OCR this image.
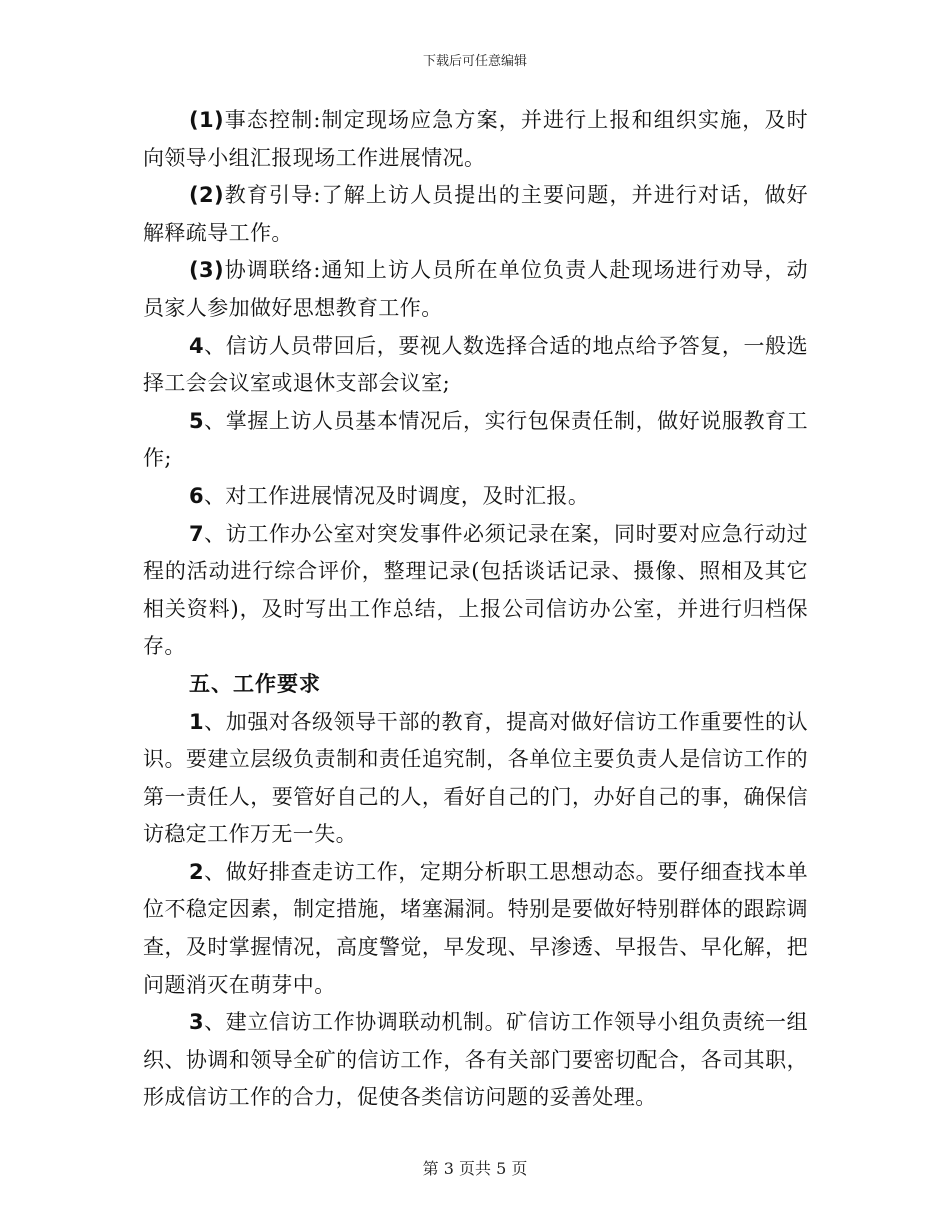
下载后可任意编辑

(1)事态控制:制定现场应急方案，并进行上报和组织实施，及时向领导小组汇报现场工作进展情况。

(2)教育引导:了解上访人员提出的主要问题，并进行对话，做好解释疏导工作。

(3)协调联络:通知上访人员所在单位负责人赴现场进行劝导，动员家人参加做好思想教育工作。

4、信访人员带回后，要视人数选择合适的地点给予答复，一般选择工会会议室或退休支部会议室;

5、掌握上访人员基本情况后，实行包保责任制，做好说服教育工作;

6、对工作进展情况及时调度，及时汇报。

7、访工作办公室对突发事件必须记录在案，同时要对应急行动过程的活动进行综合评价，整理记录(包括谈话记录、摄像、照相及其它相关资料)，及时写出工作总结，上报公司信访办公室，并进行归档保存。

五、工作要求

1、加强对各级领导干部的教育，提高对做好信访工作重要性的认识。要建立层级负责制和责任追究制，各单位主要负责人是信访工作的第一责任人，要管好自己的人，看好自己的门，办好自己的事，确保信访稳定工作万无一失。

2、做好排查走访工作，定期分析职工思想动态。要仔细查找本单位不稳定因素，制定措施，堵塞漏洞。特别是要做好特别群体的跟踪调查，及时掌握情况，高度警觉，早发现、早渗透、早报告、早化解，把问题消灭在萌芽中。

3、建立信访工作协调联动机制。矿信访工作领导小组负责统一组织、协调和领导全矿的信访工作，各有关部门要密切配合，各司其职，形成信访工作的合力，促使各类信访问题的妥善处理。

第 3 页共 5 页
